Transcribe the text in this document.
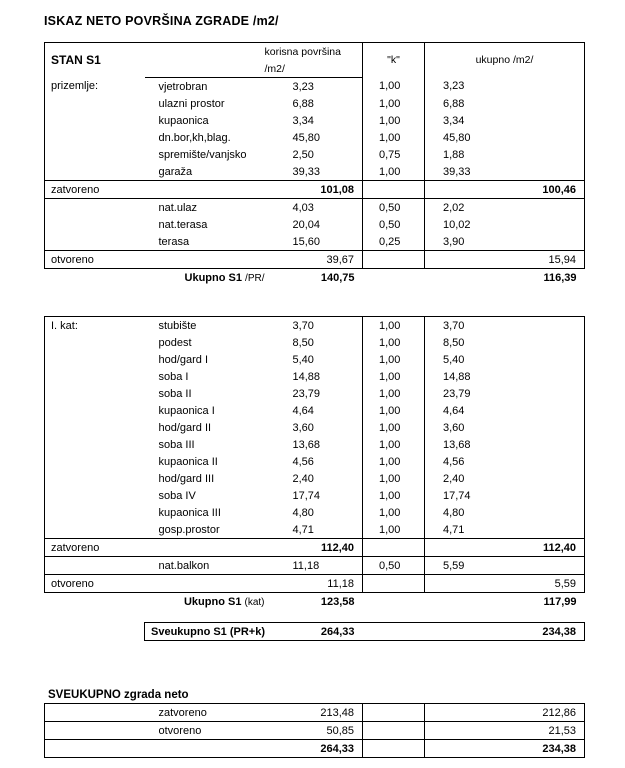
ISKAZ NETO POVRŠINA ZGRADE /m2/
STAN S1		korisna površina	"k"	ukupno /m2/
		/m2/		
prizemlje:	vjetrobran	3,23	1,00	3,23
	ulazni prostor	6,88	1,00	6,88
	kupaonica	3,34	1,00	3,34
	dn.bor,kh,blag.	45,80	1,00	45,80
	spremište/vanjsko	2,50	0,75	1,88
	garaža	39,33	1,00	39,33
zatvoreno		101,08		100,46
	nat.ulaz	4,03	0,50	2,02
	nat.terasa	20,04	0,50	10,02
	terasa	15,60	0,25	3,90
otvoreno		39,67		15,94
	Ukupno S1 /PR/	140,75		116,39
I. kat:	stubište	3,70	1,00	3,70
	podest	8,50	1,00	8,50
	hod/gard I	5,40	1,00	5,40
	soba I	14,88	1,00	14,88
	soba II	23,79	1,00	23,79
	kupaonica I	4,64	1,00	4,64
	hod/gard II	3,60	1,00	3,60
	soba III	13,68	1,00	13,68
	kupaonica II	4,56	1,00	4,56
	hod/gard III	2,40	1,00	2,40
	soba IV	17,74	1,00	17,74
	kupaonica III	4,80	1,00	4,80
	gosp.prostor	4,71	1,00	4,71
zatvoreno		112,40		112,40
	nat.balkon	11,18	0,50	5,59
otvoreno		11,18		5,59
	Ukupno S1 (kat)	123,58		117,99

	Sveukupno S1 (PR+k)	264,33		234,38
SVEUKUPNO zgrada neto
	zatvoreno	213,48		212,86
	otvoreno	50,85		21,53
		264,33		234,38
